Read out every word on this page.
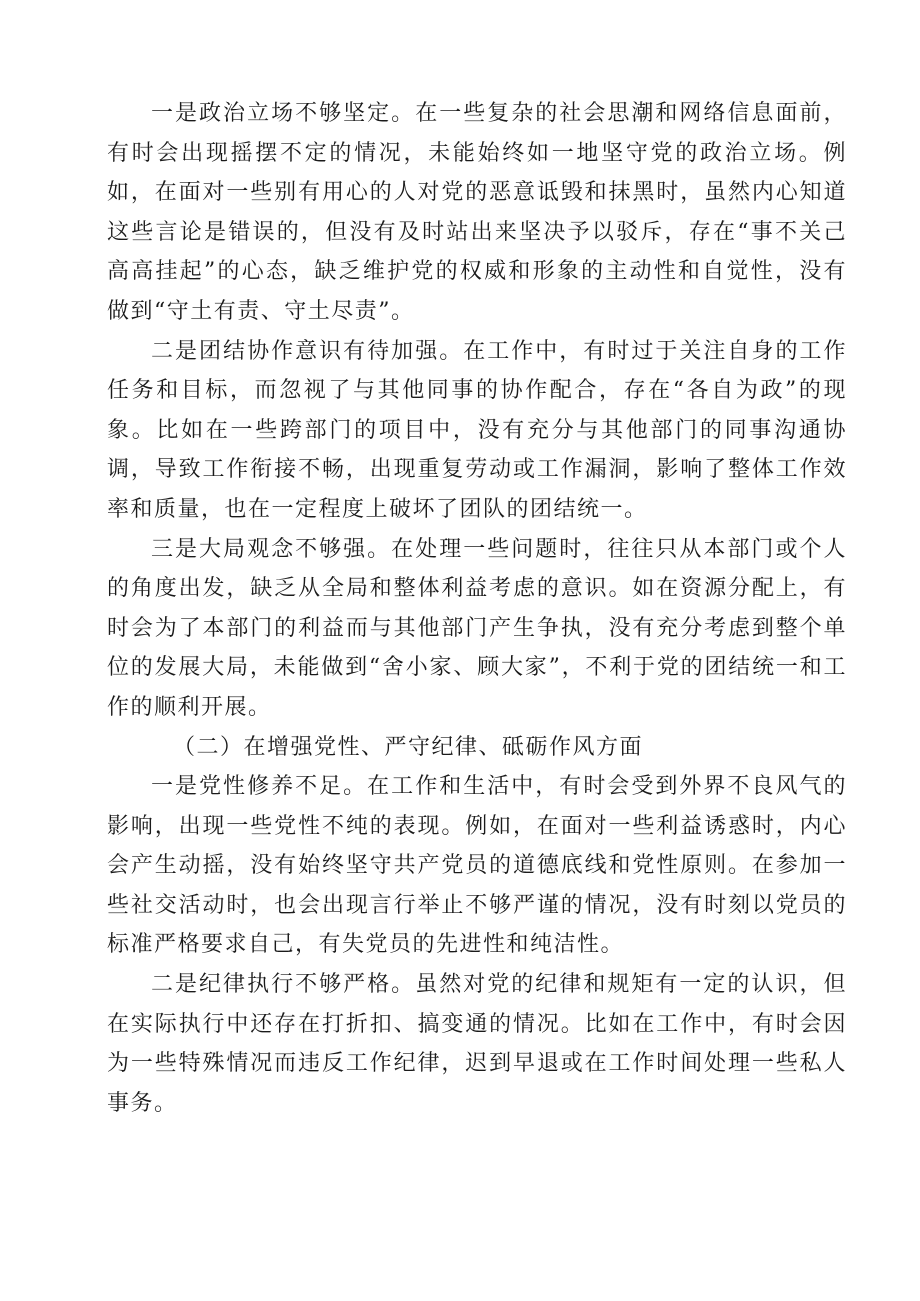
一是政治立场不够坚定。在一些复杂的社会思潮和网络信息面前，有时会出现摇摆不定的情况，未能始终如一地坚守党的政治立场。例如，在面对一些别有用心的人对党的恶意诋毁和抹黑时，虽然内心知道这些言论是错误的，但没有及时站出来坚决予以驳斥，存在“事不关己高高挂起”的心态，缺乏维护党的权威和形象的主动性和自觉性，没有做到“守土有责、守土尽责”。

二是团结协作意识有待加强。在工作中，有时过于关注自身的工作任务和目标，而忽视了与其他同事的协作配合，存在“各自为政”的现象。比如在一些跨部门的项目中，没有充分与其他部门的同事沟通协调，导致工作衔接不畅，出现重复劳动或工作漏洞，影响了整体工作效率和质量，也在一定程度上破坏了团队的团结统一。

三是大局观念不够强。在处理一些问题时，往往只从本部门或个人的角度出发，缺乏从全局和整体利益考虑的意识。如在资源分配上，有时会为了本部门的利益而与其他部门产生争执，没有充分考虑到整个单位的发展大局，未能做到“舍小家、顾大家”，不利于党的团结统一和工作的顺利开展。

（二）在增强党性、严守纪律、砥砺作风方面

一是党性修养不足。在工作和生活中，有时会受到外界不良风气的影响，出现一些党性不纯的表现。例如，在面对一些利益诱惑时，内心会产生动摇，没有始终坚守共产党员的道德底线和党性原则。在参加一些社交活动时，也会出现言行举止不够严谨的情况，没有时刻以党员的标准严格要求自己，有失党员的先进性和纯洁性。

二是纪律执行不够严格。虽然对党的纪律和规矩有一定的认识，但在实际执行中还存在打折扣、搞变通的情况。比如在工作中，有时会因为一些特殊情况而违反工作纪律，迟到早退或在工作时间处理一些私人事务。
